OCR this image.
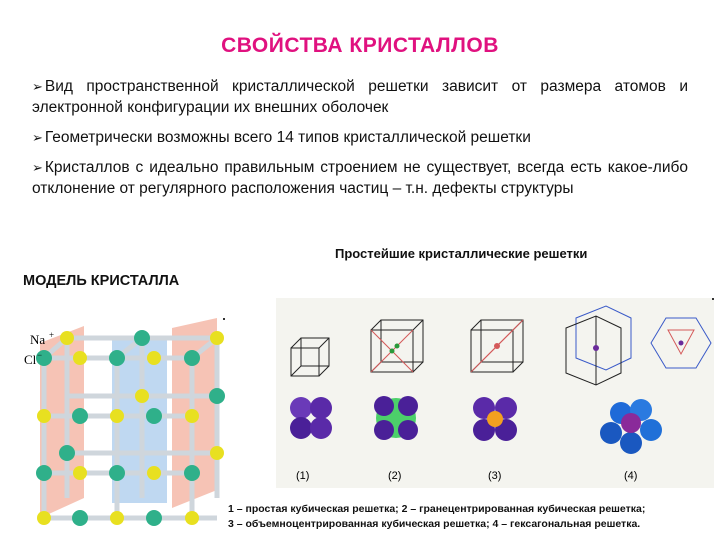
СВОЙСТВА КРИСТАЛЛОВ
➢ Вид пространственной кристаллической решетки зависит от размера атомов и электронной конфигурации их внешних оболочек
➢ Геометрически возможны всего 14 типов кристаллической решетки
➢ Кристаллов с идеально правильным строением не существует, всегда есть какое-либо отклонение от регулярного расположения частиц – т.н. дефекты структуры
Простейшие кристаллические решетки
МОДЕЛЬ КРИСТАЛЛА
Na +
Cl −
(1)	(2)	(3)	(4)
1 – простая кубическая решетка; 2 – гранецентрированная кубическая решетка;
3 – объемноцентрированная кубическая решетка; 4 – гексагональная решетка.
